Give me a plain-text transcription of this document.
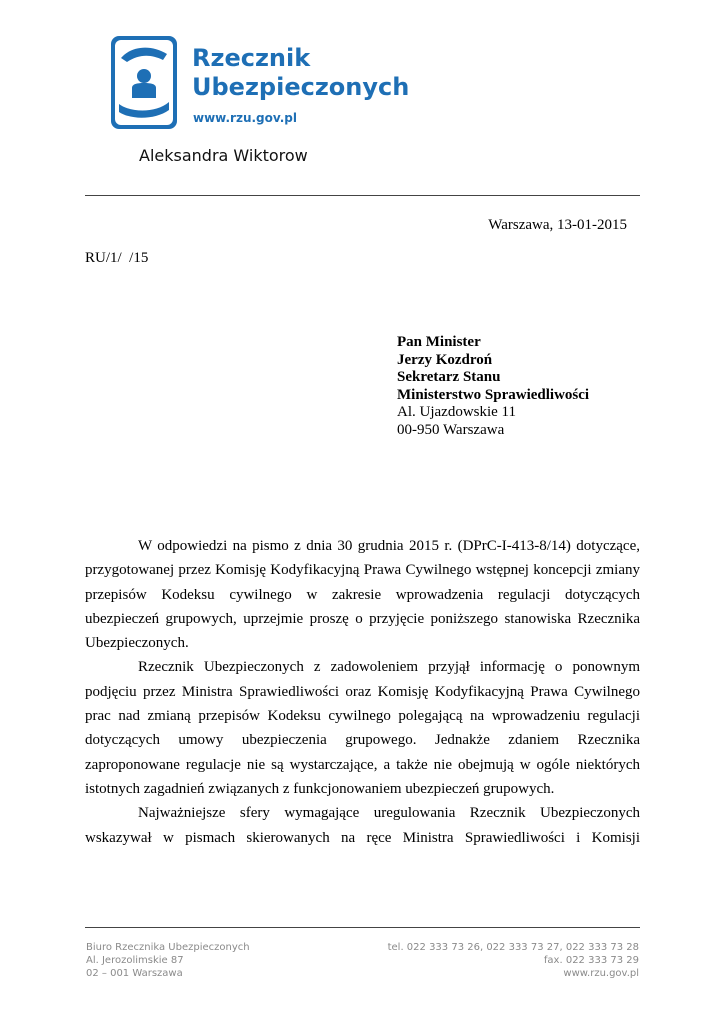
Rzecznik
Ubezpieczonych
www.rzu.gov.pl
Aleksandra Wiktorow
Warszawa, 13-01-2015
RU/1/  /15
Pan Minister
Jerzy Kozdroń
Sekretarz Stanu
Ministerstwo Sprawiedliwości
Al. Ujazdowskie 11
00-950 Warszawa

W odpowiedzi na pismo z dnia 30 grudnia 2015 r. (DPrC-I-413-8/14) dotyczące, przygotowanej przez Komisję Kodyfikacyjną Prawa Cywilnego wstępnej koncepcji zmiany przepisów Kodeksu cywilnego w zakresie wprowadzenia regulacji dotyczących ubezpieczeń grupowych, uprzejmie proszę o przyjęcie poniższego stanowiska Rzecznika Ubezpieczonych.

Rzecznik Ubezpieczonych z zadowoleniem przyjął informację o ponownym podjęciu przez Ministra Sprawiedliwości oraz Komisję Kodyfikacyjną Prawa Cywilnego prac nad zmianą przepisów Kodeksu cywilnego polegającą na wprowadzeniu regulacji dotyczących umowy ubezpieczenia grupowego. Jednakże zdaniem Rzecznika zaproponowane regulacje nie są wystarczające, a także nie obejmują w ogóle niektórych istotnych zagadnień związanych z funkcjonowaniem ubezpieczeń grupowych.

Najważniejsze sfery wymagające uregulowania Rzecznik Ubezpieczonych wskazywał w pismach skierowanych na ręce Ministra Sprawiedliwości i Komisji

Biuro Rzecznika Ubezpieczonych
Al. Jerozolimskie 87
02 – 001 Warszawa
tel. 022 333 73 26, 022 333 73 27, 022 333 73 28
fax. 022 333 73 29
www.rzu.gov.pl
